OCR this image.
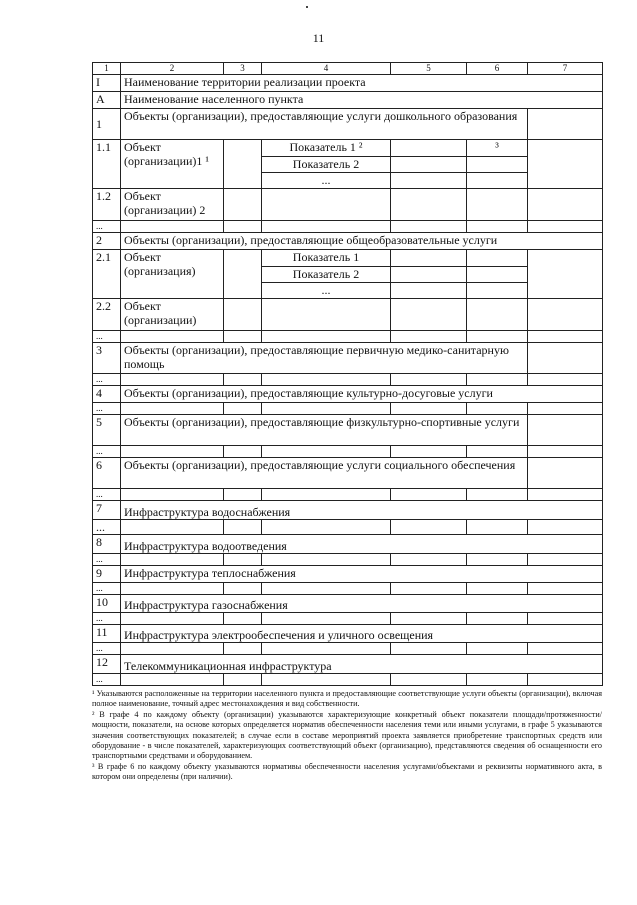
11
1	2	3	4	5	6	7
I	Наименование территории реализации проекта					
А	Наименование населенного пункта					
1	Объекты (организации), предоставляющие услуги дошкольного образования					
1.1	Объект (организации)1 ¹		Показатель 1 ²		³	
			Показатель 2			
			...			
1.2	Объект (организации) 2					
...						
2	Объекты (организации), предоставляющие общеобразовательные услуги					
2.1	Объект (организация)		Показатель 1			
			Показатель 2			
			...			
2.2	Объект (организации)					
...						
3	Объекты (организации), предоставляющие первичную медико-санитарную помощь					
...						
4	Объекты (организации), предоставляющие культурно-досуговые услуги					
...						
5	Объекты (организации), предоставляющие физкультурно-спортивные услуги					
...						
6	Объекты (организации), предоставляющие услуги социального обеспечения					
...						
7	Инфраструктура водоснабжения					
...						
8	Инфраструктура водоотведения					
...						
9	Инфраструктура теплоснабжения					
...						
10	Инфраструктура газоснабжения					
...						
11	Инфраструктура электрообеспечения и уличного освещения					
...						
12	Телекоммуникационная инфраструктура					
...						

¹ Указываются расположенные на территории населенного пункта и предоставляющие соответствующие услуги объекты (организации), включая полное наименование, точный адрес местонахождения и вид собственности.

² В графе 4 по каждому объекту (организации) указываются характеризующие конкретный объект показатели площади/протяженности/мощности, показатели, на основе которых определяется норматив обеспеченности населения теми или иными услугами, в графе 5 указываются значения соответствующих показателей; в случае если в составе мероприятий проекта заявляется приобретение транспортных средств или оборудование - в числе показателей, характеризующих соответствующий объект (организацию), представляются сведения об оснащенности его транспортными средствами и оборудованием.

³ В графе 6 по каждому объекту указываются нормативы обеспеченности населения услугами/объектами и реквизиты нормативного акта, в котором они определены (при наличии).
